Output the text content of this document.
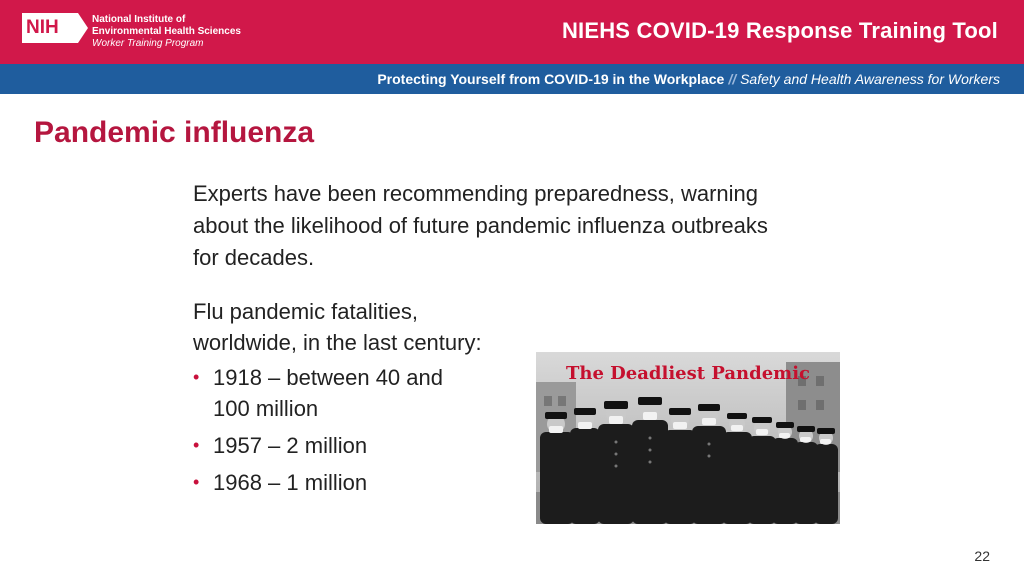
NIH	National Institute of
Environmental Health Sciences
Worker Training Program
NIEHS COVID-19 Response Training Tool
Protecting Yourself from COVID-19 in the Workplace // Safety and Health Awareness for Workers
Pandemic influenza
Experts have been recommending preparedness, warning about the likelihood of future pandemic influenza outbreaks for decades.
Flu pandemic fatalities, worldwide, in the last century:
• 1918 – between 40 and 100 million
• 1957 – 2 million
• 1968 – 1 million
The Deadliest Pandemic
22
